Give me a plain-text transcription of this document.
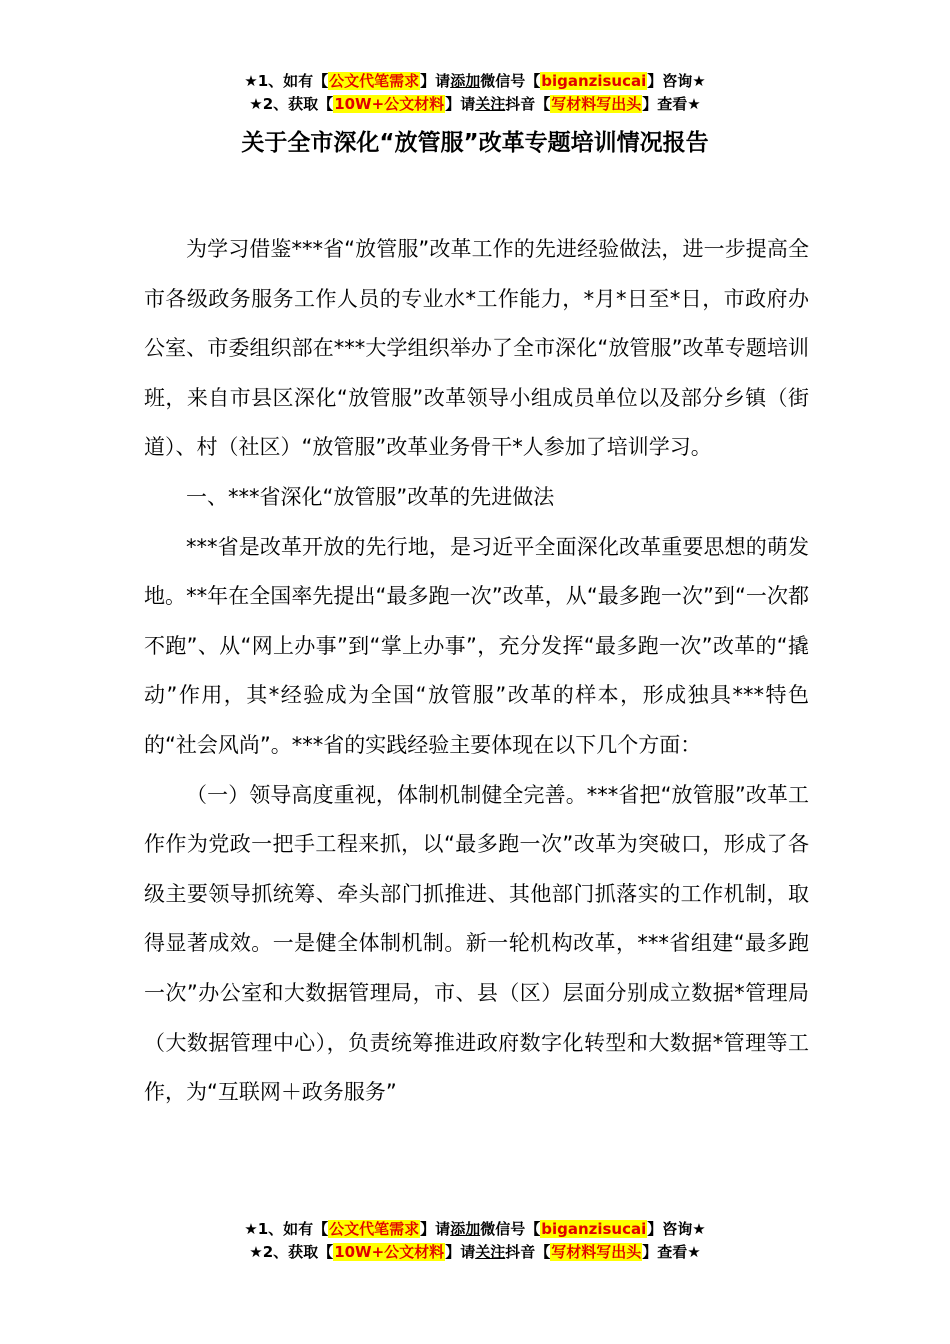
★1、如有【公文代笔需求】请添加微信号【biganzisucai】咨询★
★2、获取【10W+公文材料】请关注抖音【写材料写出头】查看★
关于全市深化“放管服”改革专题培训情况报告

为学习借鉴***省“放管服”改革工作的先进经验做法，进一步提高全市各级政务服务工作人员的专业水*工作能力，*月*日至*日，市政府办公室、市委组织部在***大学组织举办了全市深化“放管服”改革专题培训班，来自市县区深化“放管服”改革领导小组成员单位以及部分乡镇（街道）、村（社区）“放管服”改革业务骨干*人参加了培训学习。

一、***省深化“放管服”改革的先进做法

***省是改革开放的先行地，是习近平全面深化改革重要思想的萌发地。**年在全国率先提出“最多跑一次”改革，从“最多跑一次”到“一次都不跑”、从“网上办事”到“掌上办事”，充分发挥“最多跑一次”改革的“撬动”作用，其*经验成为全国“放管服”改革的样本，形成独具***特色的“社会风尚”。***省的实践经验主要体现在以下几个方面：

（一）领导高度重视，体制机制健全完善。***省把“放管服”改革工作作为党政一把手工程来抓，以“最多跑一次”改革为突破口，形成了各级主要领导抓统筹、牵头部门抓推进、其他部门抓落实的工作机制，取得显著成效。一是健全体制机制。新一轮机构改革，***省组建“最多跑一次”办公室和大数据管理局，市、县（区）层面分别成立数据*管理局（大数据管理中心），负责统筹推进政府数字化转型和大数据*管理等工作，为“互联网＋政务服务”

★1、如有【公文代笔需求】请添加微信号【biganzisucai】咨询★
★2、获取【10W+公文材料】请关注抖音【写材料写出头】查看★
